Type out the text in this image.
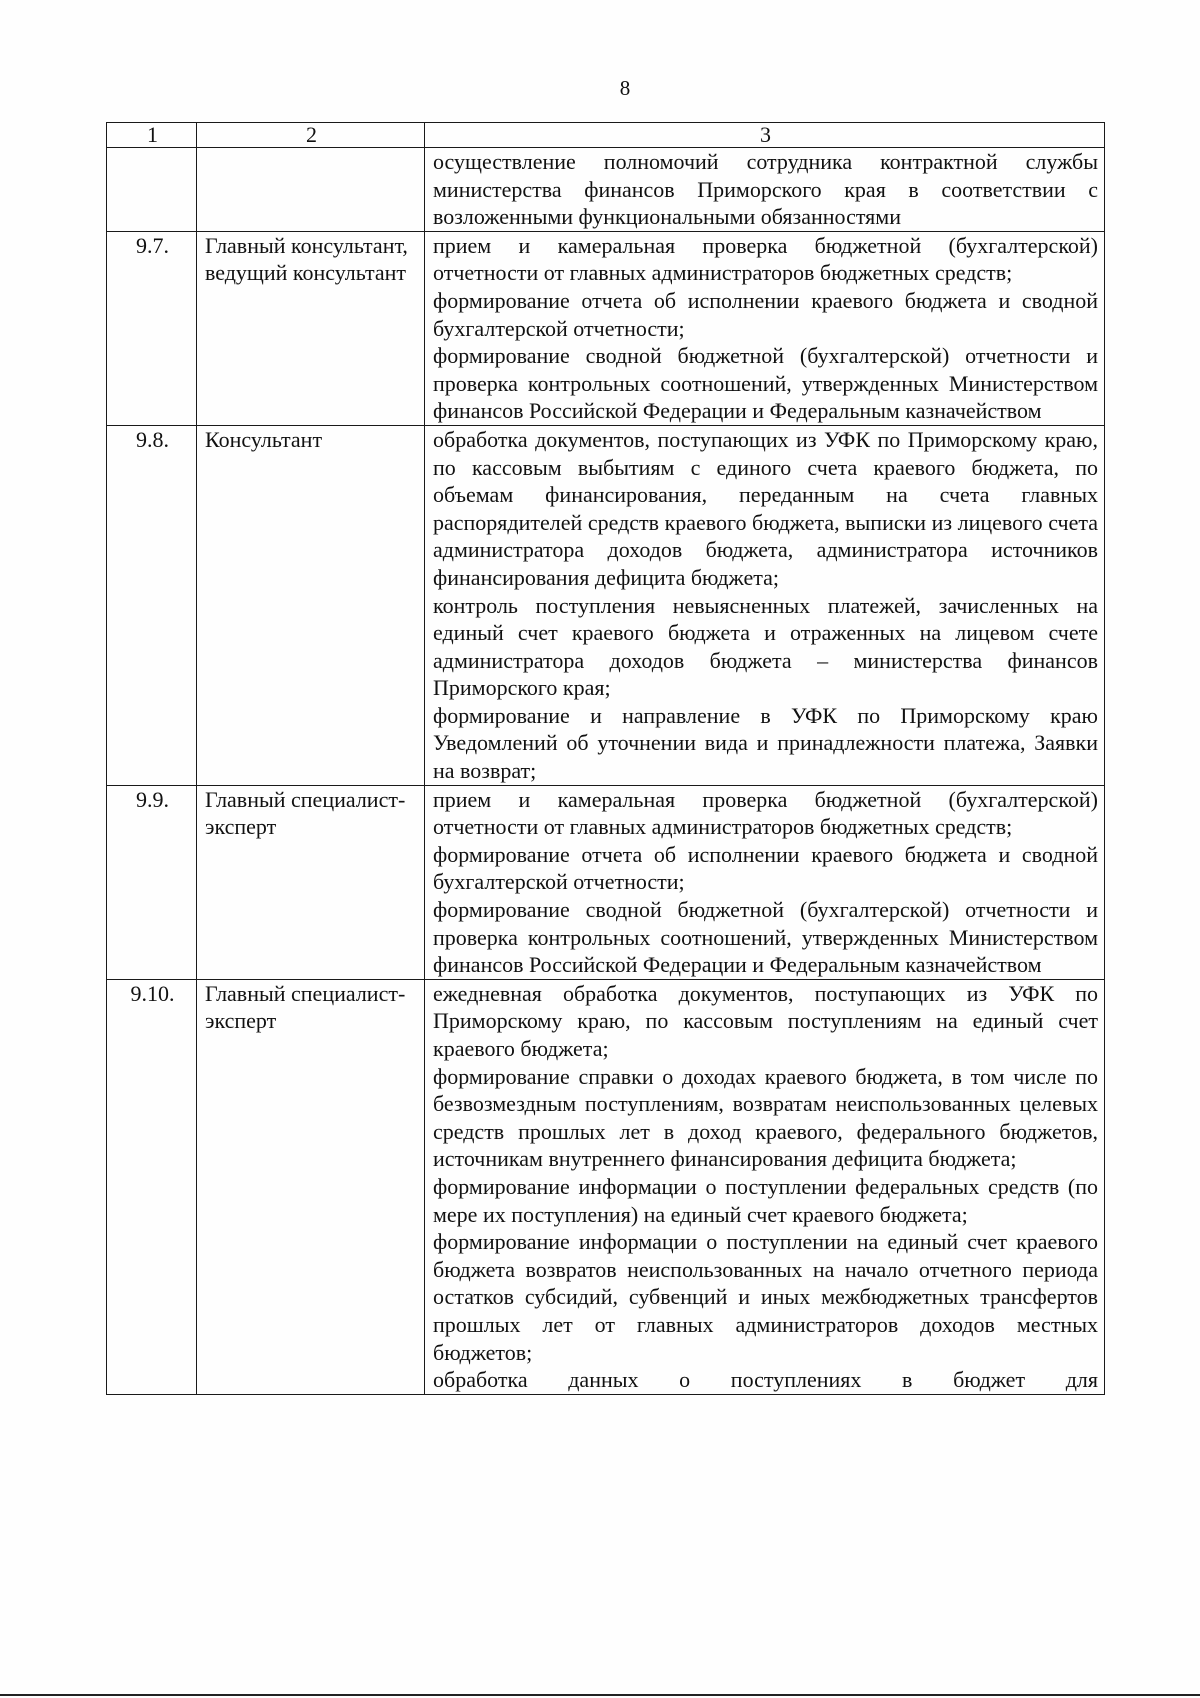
8
1	2	3

		осуществление полномочий сотрудника контрактной службы министерства финансов Приморского края в соответствии с возложенными функциональными обязанностями

9.7.	Главный консультант, ведущий консультант	прием и камеральная проверка бюджетной (бухгалтерской) отчетности от главных администраторов бюджетных средств;
формирование отчета об исполнении краевого бюджета и сводной бухгалтерской отчетности;
формирование сводной бюджетной (бухгалтерской) отчетности и проверка контрольных соотношений, утвержденных Министерством финансов Российской Федерации и Федеральным казначейством

9.8.	Консультант	обработка документов, поступающих из УФК по Приморскому краю, по кассовым выбытиям с единого счета краевого бюджета, по объемам финансирования, переданным на счета главных распорядителей средств краевого бюджета, выписки из лицевого счета администратора доходов бюджета, администратора источников финансирования дефицита бюджета;
контроль поступления невыясненных платежей, зачисленных на единый счет краевого бюджета и отраженных на лицевом счете администратора доходов бюджета – министерства финансов Приморского края;
формирование и направление в УФК по Приморскому краю Уведомлений об уточнении вида и принадлежности платежа, Заявки на возврат;

9.9.	Главный специалист-эксперт	прием и камеральная проверка бюджетной (бухгалтерской) отчетности от главных администраторов бюджетных средств;
формирование отчета об исполнении краевого бюджета и сводной бухгалтерской отчетности;
формирование сводной бюджетной (бухгалтерской) отчетности и проверка контрольных соотношений, утвержденных Министерством финансов Российской Федерации и Федеральным казначейством

9.10.	Главный специалист-эксперт	ежедневная обработка документов, поступающих из УФК по Приморскому краю, по кассовым поступлениям на единый счет краевого бюджета;
формирование справки о доходах краевого бюджета, в том числе по безвозмездным поступлениям, возвратам неиспользованных целевых средств прошлых лет в доход краевого, федерального бюджетов, источникам внутреннего финансирования дефицита бюджета;
формирование информации о поступлении федеральных средств (по мере их поступления) на единый счет краевого бюджета;
формирование информации о поступлении на единый счет краевого бюджета возвратов неиспользованных на начало отчетного периода остатков субсидий, субвенций и иных межбюджетных трансфертов прошлых лет от главных администраторов доходов местных бюджетов;
обработка данных о поступлениях в бюджет для
